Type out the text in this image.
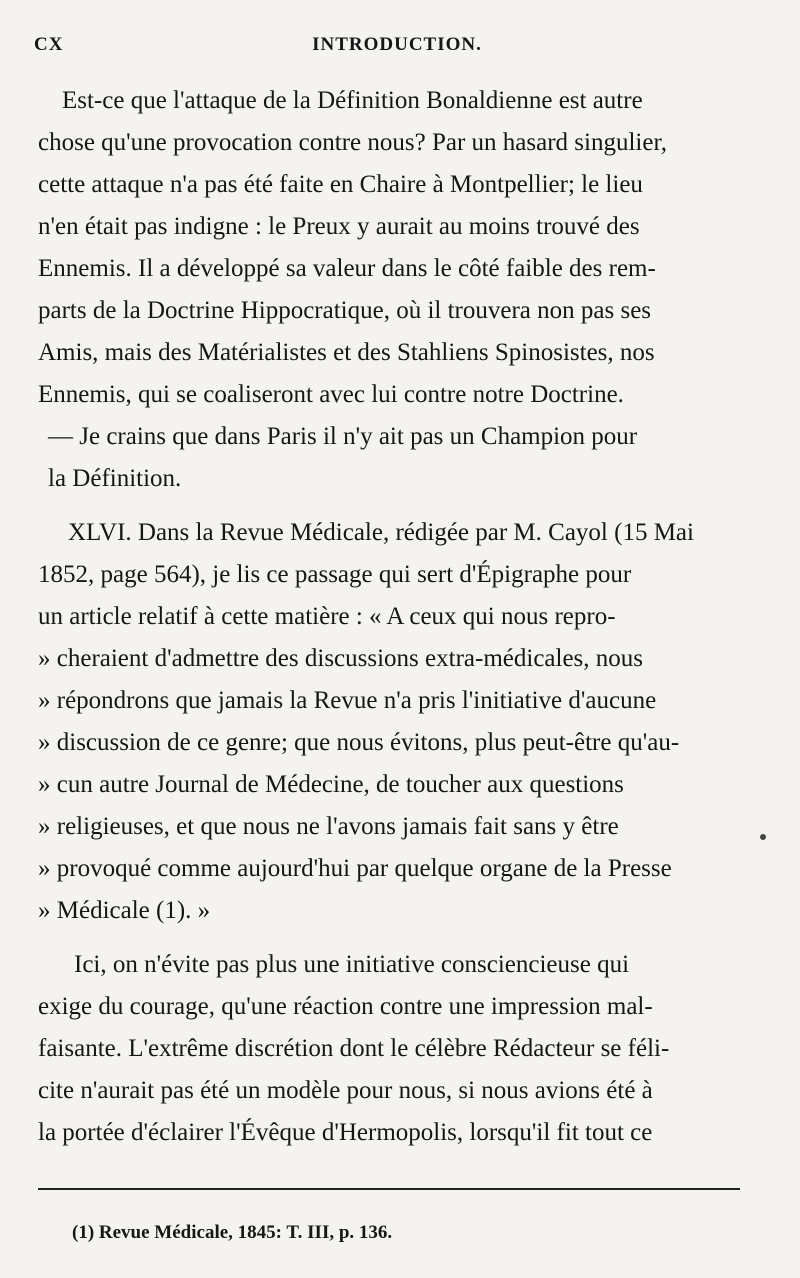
CX	INTRODUCTION.

Est-ce que l'attaque de la Définition Bonaldienne est autre
chose qu'une provocation contre nous? Par un hasard singulier,
cette attaque n'a pas été faite en Chaire à Montpellier; le lieu
n'en était pas indigne : le Preux y aurait au moins trouvé des
Ennemis. Il a développé sa valeur dans le côté faible des rem-
parts de la Doctrine Hippocratique, où il trouvera non pas ses
Amis, mais des Matérialistes et des Stahliens Spinosistes, nos
Ennemis, qui se coaliseront avec lui contre notre Doctrine.
— Je crains que dans Paris il n'y ait pas un Champion pour
la Définition.

XLVI. Dans la Revue Médicale, rédigée par M. Cayol (15 Mai
1852, page 564), je lis ce passage qui sert d'Épigraphe pour
un article relatif à cette matière : « A ceux qui nous repro-
» cheraient d'admettre des discussions extra-médicales, nous
» répondrons que jamais la Revue n'a pris l'initiative d'aucune
» discussion de ce genre; que nous évitons, plus peut-être qu'au-
» cun autre Journal de Médecine, de toucher aux questions
» religieuses, et que nous ne l'avons jamais fait sans y être
» provoqué comme aujourd'hui par quelque organe de la Presse
» Médicale (1). »

Ici, on n'évite pas plus une initiative consciencieuse qui
exige du courage, qu'une réaction contre une impression mal-
faisante. L'extrême discrétion dont le célèbre Rédacteur se féli-
cite n'aurait pas été un modèle pour nous, si nous avions été à
la portée d'éclairer l'Évêque d'Hermopolis, lorsqu'il fit tout ce

(1) Revue Médicale, 1845: T. III, p. 136.
